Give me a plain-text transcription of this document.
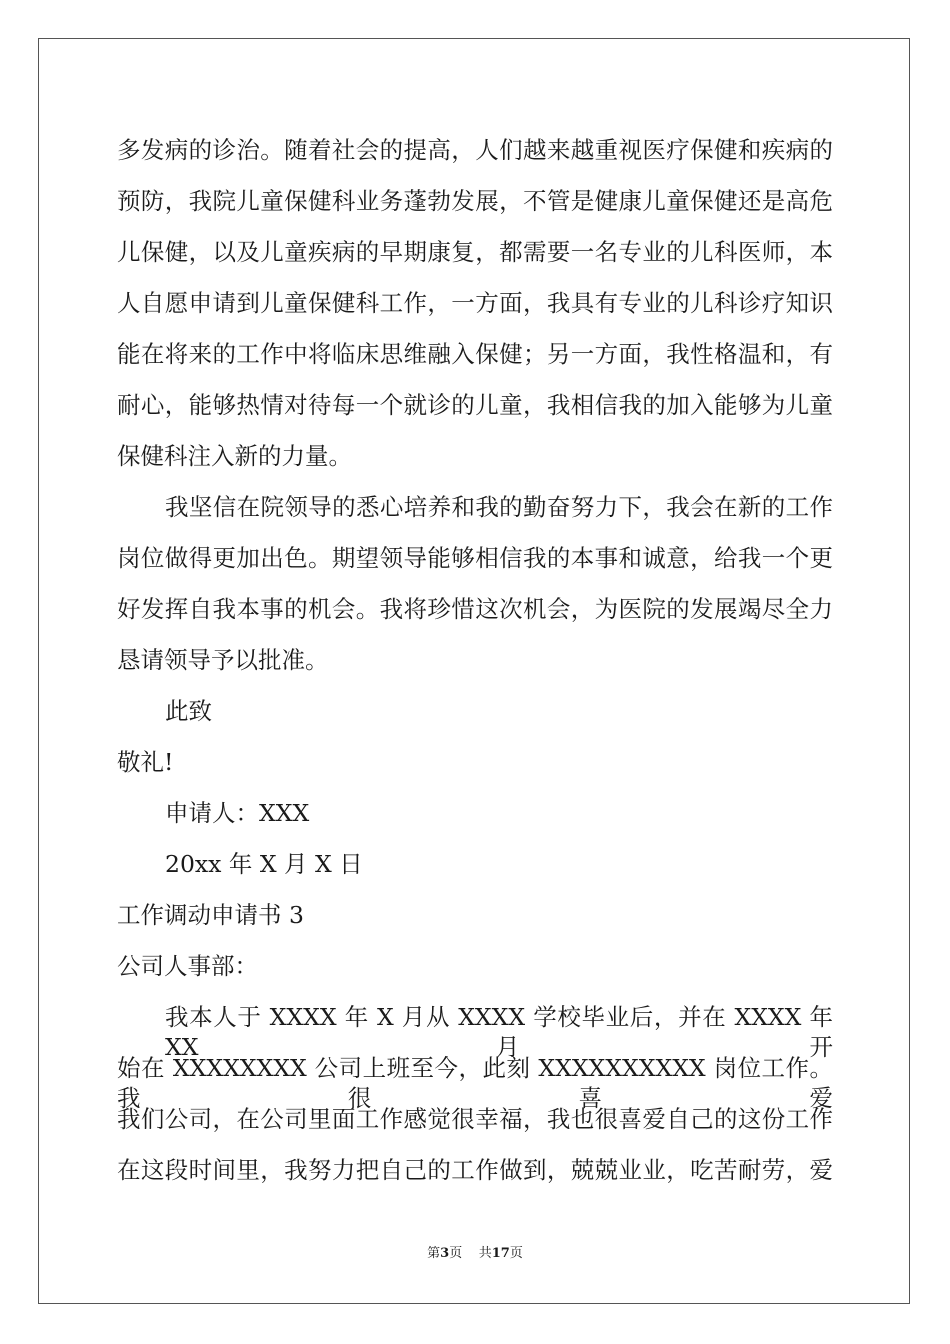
多发病的诊治。随着社会的提高，人们越来越重视医疗保健和疾病的
预防，我院儿童保健科业务蓬勃发展，不管是健康儿童保健还是高危
儿保健，以及儿童疾病的早期康复，都需要一名专业的儿科医师，本
人自愿申请到儿童保健科工作，一方面，我具有专业的儿科诊疗知识
能在将来的工作中将临床思维融入保健；另一方面，我性格温和，有
耐心，能够热情对待每一个就诊的儿童，我相信我的加入能够为儿童
保健科注入新的力量。
我坚信在院领导的悉心培养和我的勤奋努力下，我会在新的工作
岗位做得更加出色。期望领导能够相信我的本事和诚意，给我一个更
好发挥自我本事的机会。我将珍惜这次机会，为医院的发展竭尽全力
恳请领导予以批准。
此致
敬礼!
申请人：XXX
20xx 年 X 月 X 日
工作调动申请书 3
公司人事部：
我本人于 XXXX 年 X 月从 XXXX 学校毕业后，并在 XXXX 年 XX 月开
始在 XXXXXXXX 公司上班至今，此刻 XXXXXXXXXX 岗位工作。我很喜爱
我们公司，在公司里面工作感觉很幸福，我也很喜爱自己的这份工作
在这段时间里，我努力把自己的工作做到，兢兢业业，吃苦耐劳，爱
第3页 共17页
